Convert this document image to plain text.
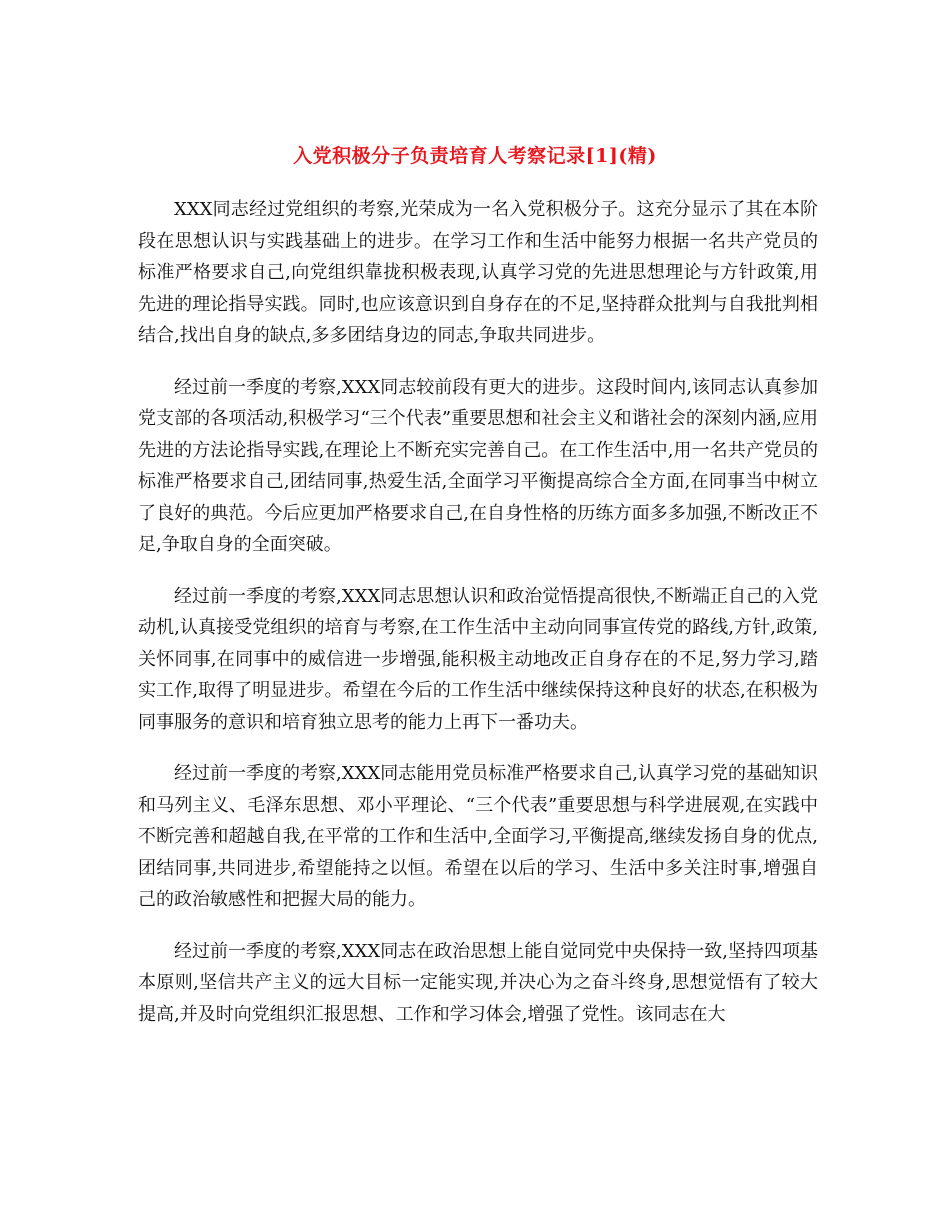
入党积极分子负责培育人考察记录[1](精)

XXX同志经过党组织的考察,光荣成为一名入党积极分子。这充分显示了其在本阶段在思想认识与实践基础上的进步。在学习工作和生活中能努力根据一名共产党员的标准严格要求自己,向党组织靠拢积极表现,认真学习党的先进思想理论与方针政策,用先进的理论指导实践。同时,也应该意识到自身存在的不足,坚持群众批判与自我批判相结合,找出自身的缺点,多多团结身边的同志,争取共同进步。

经过前一季度的考察,XXX同志较前段有更大的进步。这段时间内,该同志认真参加党支部的各项活动,积极学习“三个代表”重要思想和社会主义和谐社会的深刻内涵,应用先进的方法论指导实践,在理论上不断充实完善自己。在工作生活中,用一名共产党员的标准严格要求自己,团结同事,热爱生活,全面学习平衡提高综合全方面,在同事当中树立了良好的典范。今后应更加严格要求自己,在自身性格的历练方面多多加强,不断改正不足,争取自身的全面突破。

经过前一季度的考察,XXX同志思想认识和政治觉悟提高很快,不断端正自己的入党动机,认真接受党组织的培育与考察,在工作生活中主动向同事宣传党的路线,方针,政策,关怀同事,在同事中的威信进一步增强,能积极主动地改正自身存在的不足,努力学习,踏实工作,取得了明显进步。希望在今后的工作生活中继续保持这种良好的状态,在积极为同事服务的意识和培育独立思考的能力上再下一番功夫。

经过前一季度的考察,XXX同志能用党员标准严格要求自己,认真学习党的基础知识和马列主义、毛泽东思想、邓小平理论、“三个代表”重要思想与科学进展观,在实践中不断完善和超越自我,在平常的工作和生活中,全面学习,平衡提高,继续发扬自身的优点,团结同事,共同进步,希望能持之以恒。希望在以后的学习、生活中多关注时事,增强自己的政治敏感性和把握大局的能力。

经过前一季度的考察,XXX同志在政治思想上能自觉同党中央保持一致,坚持四项基本原则,坚信共产主义的远大目标一定能实现,并决心为之奋斗终身,思想觉悟有了较大提高,并及时向党组织汇报思想、工作和学习体会,增强了党性。该同志在大
